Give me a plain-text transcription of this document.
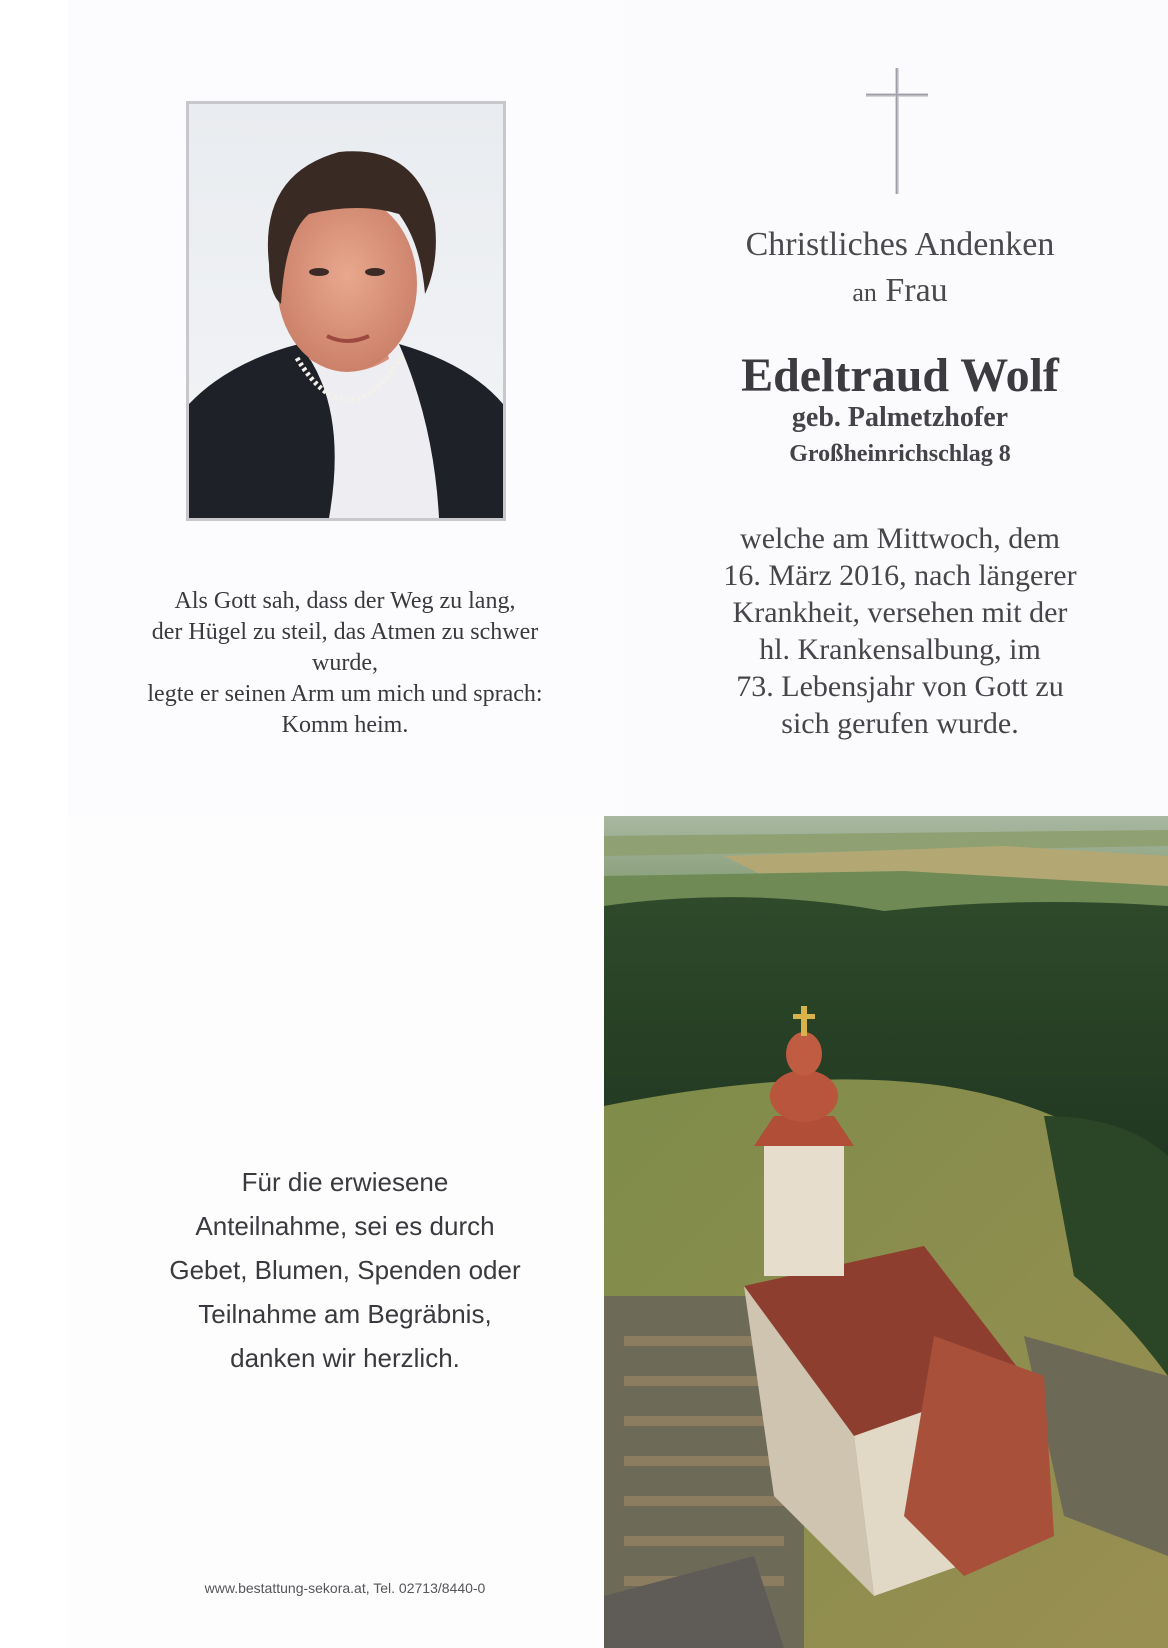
Als Gott sah, dass der Weg zu lang,
der Hügel zu steil, das Atmen zu schwer
wurde,
legte er seinen Arm um mich und sprach:
Komm heim.
Christliches Andenken
an Frau
Edeltraud Wolf
geb. Palmetzhofer
Großheinrichschlag 8
welche am Mittwoch, dem
16. März 2016, nach längerer
Krankheit, versehen mit der
hl. Krankensalbung, im
73. Lebensjahr von Gott zu
sich gerufen wurde.
Für die erwiesene
Anteilnahme, sei es durch
Gebet, Blumen, Spenden oder
Teilnahme am Begräbnis,
danken wir herzlich.
www.bestattung-sekora.at, Tel. 02713/8440-0
